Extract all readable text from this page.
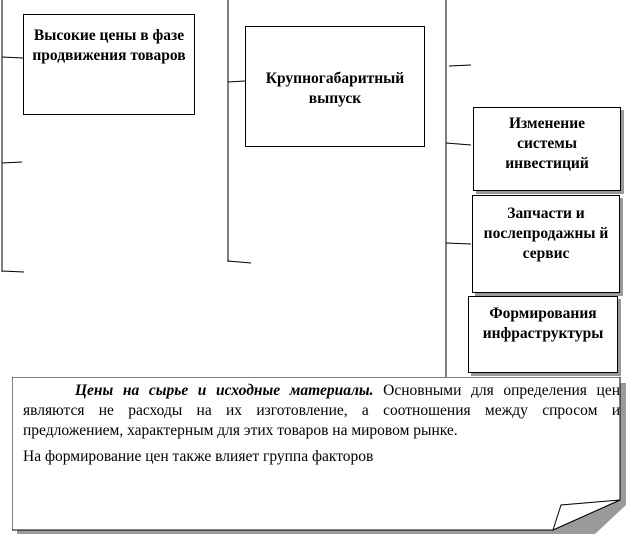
Высокие цены в фазе продвижения товаров
Крупногабаритный выпуск
Изменение системы инвестиций
Запчасти и послепродажны й сервис
Формирования инфраструктуры

Цены на сырье и исходные материалы. Основными для определения цен являются не расходы на их изготовление, а соотношения между спросом и предложением, характерным для этих товаров на мировом рынке.

На формирование цен также влияет группа факторов
